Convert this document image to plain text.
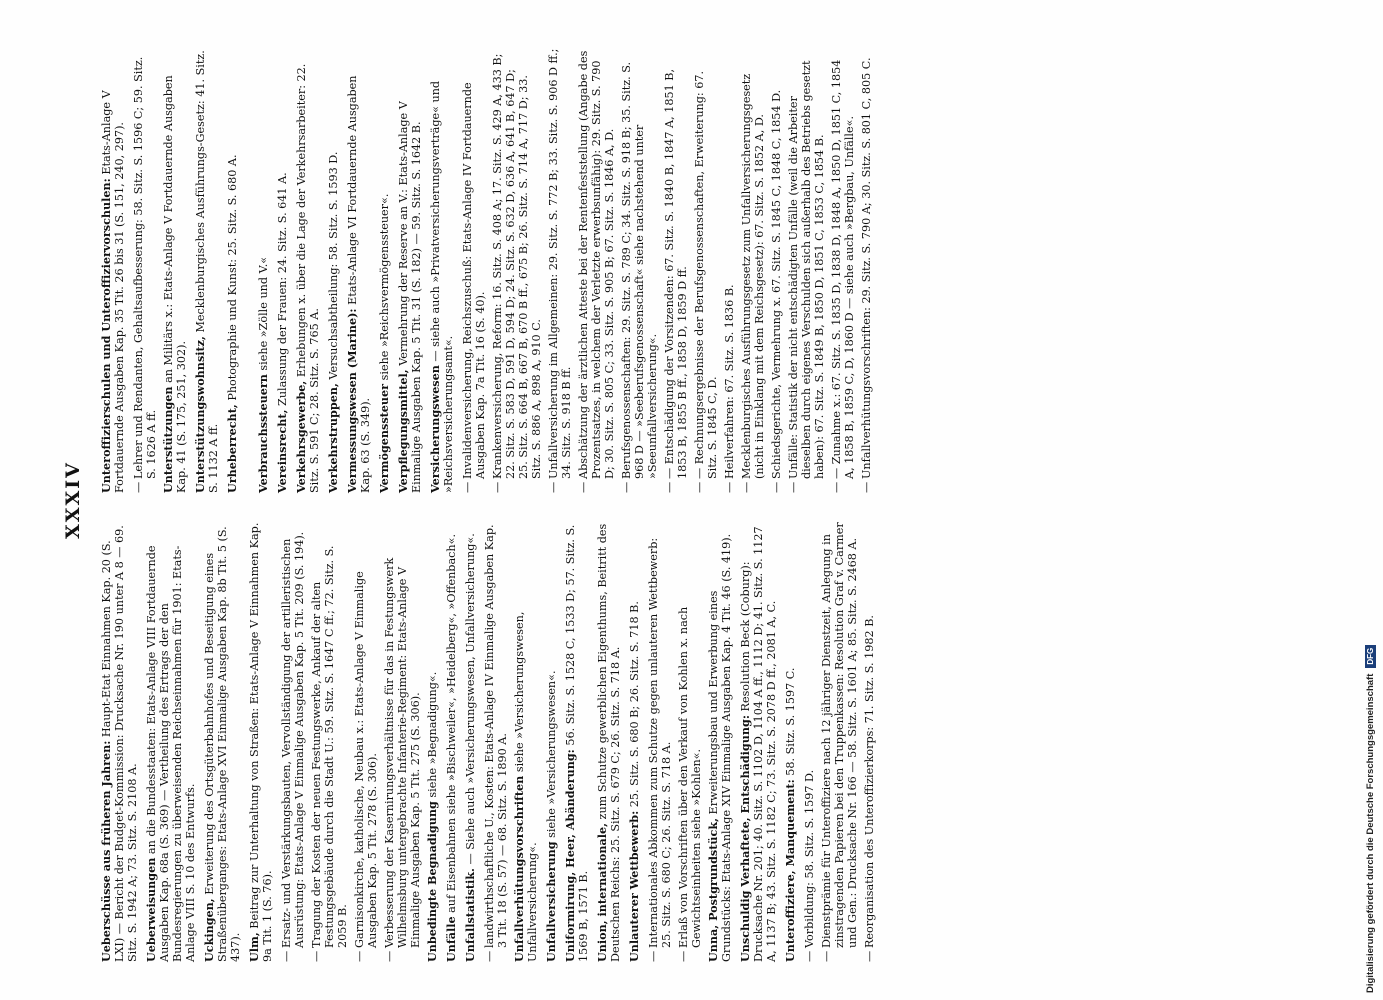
XXXIV
Ueberschüsse aus früheren Jahren: Haupt-Etat Einnahmen Kap. 20 (S. LXI) — Bericht der Budget-Kommission: Drucksache Nr. 190 unter A 8 — 69. Sitz. S. 1942 A; 73. Sitz. S. 2108 A. Ueberweisungen an die Bundesstaaten: Etats-Anlage VIII Fortdauernde Ausgaben Kap. 68a (S. 369) — Vertheilung des Ertrags der den Bundesregierungen zu überweisenden Reichseinnahmen für 1901: Etats-Anlage VIII S. 10 des Entwurfs. Uckingen, Erweiterung des Ortsgüterbahnhofes und Beseitigung eines Straßenüberganges: Etats-Anlage XVI Einmalige Ausgaben Kap. 8b Tit. 5 (S. 437). Ulm, Beitrag zur Unterhaltung von Straßen: Etats-Anlage V Einnahmen Kap. 9a Tit. 1 (S. 76). —Ersatz- und Verstärkungsbauten, Vervollständigung der artilleristischen Ausrüstung: Etats-Anlage V Einmalige Ausgaben Kap. 5 Tit. 209 (S. 194).
—Tragung der Kosten der neuen Festungswerke, Ankauf der alten Festungsgebäude durch die Stadt U.: 59. Sitz. S. 1647 C ff.; 72. Sitz. S. 2059 B.
—Garnisonkirche, katholische, Neubau x.: Etats-Anlage V Einmalige Ausgaben Kap. 5 Tit. 278 (S. 306).
—Verbesserung der Kasernirungsverhältnisse für das in Festungswerk Wilhelmsburg untergebrachte Infanterie-Regiment: Etats-Anlage V Einmalige Ausgaben Kap. 5 Tit. 275 (S. 306). Unbedingte Begnadigung siehe »Begnadigung«.
Unfälle auf Eisenbahnen siehe »Bischweiler«, »Heidelberg«, »Offenbach«. Unfallstatistik. — Siehe auch »Versicherungswesen, Unfallversicherung«.
—landwirthschaftliche U., Kosten: Etats-Anlage IV Einmalige Ausgaben Kap. 3 Tit. 18 (S. 57) — 68. Sitz. S. 1890 A. Unfallverhütungsvorschriften siehe »Versicherungswesen, Unfallversicherung«. Unfallversicherung siehe »Versicherungswesen«. Uniformirung, Heer, Abänderung: 56. Sitz. S. 1528 C, 1533 D; 57. Sitz. S. 1569 B, 1571 B. Union, internationale, zum Schutze gewerblichen Eigenthums, Beitritt des Deutschen Reichs: 25. Sitz. S. 679 C; 26. Sitz. S. 718 A. Unlauterer Wettbewerb: 25. Sitz. S. 680 B; 26. Sitz. S. 718 B.
—Internationales Abkommen zum Schutze gegen unlauteren Wettbewerb: 25. Sitz. S. 680 C; 26. Sitz. S. 718 A.
—Erlaß von Vorschriften über den Verkauf von Kohlen x. nach Gewichtseinheiten siehe »Kohlen«. Unna, Postgrundstück, Erweiterungsbau und Erwerbung eines Grundstücks: Etats-Anlage XIV Einmalige Ausgaben Kap. 4 Tit. 46 (S. 419). Unschuldig Verhaftete, Entschädigung: Resolution Beck (Coburg): Drucksache Nr. 201; 40. Sitz. S. 1102 D, 1104 A ff., 1112 D; 41. Sitz. S. 1127 A, 1137 B; 43. Sitz. S. 1182 C; 73. Sitz. S. 2078 D ff., 2081 A, C. Unteroffiziere, Manquement: 58. Sitz. S. 1597 C.
—Vorbildung: 58. Sitz. S. 1597 D.
—Dienstprämie für Unteroffiziere nach 12 jähriger Dienstzeit, Anlegung in zinstragenden Papieren bei den Truppenkassen: Resolution Graf v. Carmer und Gen.: Drucksache Nr. 166 — 58. Sitz. S. 1601 A; 85. Sitz. S. 2468 A.
—Reorganisation des Unteroffizierkorps: 71. Sitz. S. 1982 B.
Unteroffizierschulen und Unteroffiziervorschulen: Etats-Anlage V Fortdauernde Ausgaben Kap. 35 Tit. 26 bis 31 (S. 151, 240, 297). —Lehrer und Rendanten, Gehaltsaufbesserung: 58. Sitz. S. 1596 C; 59. Sitz. S. 1626 A ff. Unterstützungen an Militärs x.: Etats-Anlage V Fortdauernde Ausgaben Kap. 41 (S. 175, 251, 302). Unterstützungswohnsitz, Mecklenburgisches Ausführungs-Gesetz: 41. Sitz. S. 1132 A ff. Urheberrecht, Photographie und Kunst: 25. Sitz. S. 680 A.
Verbrauchssteuern siehe »Zölle und V.«
Vereinsrecht, Zulassung der Frauen: 24. Sitz. S. 641 A.
Verkehrsgewerbe, Erhebungen x. über die Lage der Verkehrsarbeiter: 22. Sitz. S. 591 C; 28. Sitz. S. 765 A. Verkehrstruppen, Versuchsabtheilung: 58. Sitz. S. 1593 D.
Vermessungswesen (Marine): Etats-Anlage VI Fortdauernde Ausgaben Kap. 63 (S. 349). Vermögenssteuer siehe »Reichsvermögenssteuer«.
Verpflegungsmittel, Vermehrung der Reserve an V.: Etats-Anlage V Einmalige Ausgaben Kap. 5 Tit. 31 (S. 182) — 59. Sitz. S. 1642 B. Versicherungswesen — siehe auch »Privatversicherungsverträge« und »Reichsversicherungsamt«. —Invalidenversicherung, Reichszuschuß: Etats-Anlage IV Fortdauernde Ausgaben Kap. 7a Tit. 16 (S. 40).
—Krankenversicherung, Reform: 16. Sitz. S. 408 A; 17. Sitz. S. 429 A, 433 B; 22. Sitz. S. 583 D, 591 D, 594 D; 24. Sitz. S. 632 D, 636 A, 641 B, 647 D; 25. Sitz. S. 664 B, 667 B, 670 B ff., 675 B; 26. Sitz. S. 714 A, 717 D; 33. Sitz. S. 886 A, 898 A, 910 C.
—Unfallversicherung im Allgemeinen: 29. Sitz. S. 772 B; 33. Sitz. S. 906 D ff.; 34. Sitz. S. 918 B ff.
—Abschätzung der ärztlichen Atteste bei der Rentenfeststellung (Angabe des Prozentsatzes, in welchem der Verletzte erwerbsunfähig): 29. Sitz. S. 790 D; 30. Sitz. S. 805 C; 33. Sitz. S. 905 B; 67. Sitz. S. 1846 A, D.
—Berufsgenossenschaften: 29. Sitz. S. 789 C; 34. Sitz. S. 918 B; 35. Sitz. S. 968 D — »Seeberufsgenossenschaft« siehe nachstehend unter »Seeunfallversicherung«.
—— Entschädigung der Vorsitzenden: 67. Sitz. S. 1840 B, 1847 A, 1851 B, 1853 B, 1855 B ff., 1858 D, 1859 D ff.
—— Rechnungsergebnisse der Berufsgenossenschaften, Erweiterung: 67. Sitz. S. 1845 C, D.
—Heilverfahren: 67. Sitz. S. 1836 B.
—Mecklenburgisches Ausführungsgesetz zum Unfallversicherungsgesetz (nicht in Einklang mit dem Reichsgesetz): 67. Sitz. S. 1852 A, D.
—Schiedsgerichte, Vermehrung x. 67. Sitz. S. 1845 C, 1848 C, 1854 D.
—Unfälle: Statistik der nicht entschädigten Unfälle (weil die Arbeiter dieselben durch eigenes Verschulden sich außerhalb des Betriebs gesetzt haben): 67. Sitz. S. 1849 B, 1850 D, 1851 C, 1853 C, 1854 B.
—— Zunahme x.: 67. Sitz. S. 1835 D, 1838 D, 1848 A, 1850 D, 1851 C, 1854 A, 1858 B, 1859 C, D, 1860 D — siehe auch »Bergbau, Unfälle«.
—Unfallverhütungsvorschriften: 29. Sitz. S. 790 A; 30. Sitz. S. 801 C, 805 C.
Digitalisierung gefördert durch die Deutsche Forschungsgemeinschaft
DFG
